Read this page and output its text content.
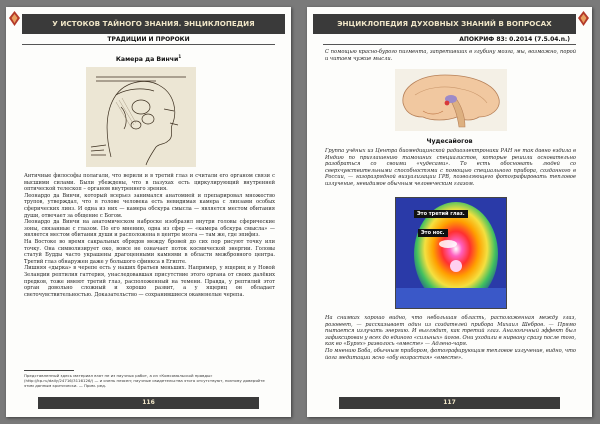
У ИСТОКОВ ТАЙНОГО ЗНАНИЯ. ЭНЦИКЛОПЕДИЯ
ТРАДИЦИИ И ПРОРОКИ
Камера да Винчи$^1$

Античные философы полагали, что верили и в третий глаз и считали его органом связи с высшими силами. Были убеждены, что в пазухах есть циркулирующий внутренней оптической телескоп – органом внутреннего зрения.

Леонардо да Винчи, который всерьез занимался анатомией и препарировал множество трупов, утверждал, что в голове человека есть невидимая камера с линзами особых сферических линз. И одна из них — камера обскура смысла — является местом обитания души, отвечает за общение с Богом.

Леонардо да Винчи на анатомическом наброске изобразил внутри головы сферические зоны, связанные с глазом. По его мнению, одна из сфер — «камера обскура смысла» — является местом обитания души и расположена в центре мозга — там же, где эпифиз.

На Востоке во время сакральных обрядов между бровей до сих пор рисуют точку или точку. Она символизирует око, вовсе не означает поток космической энергии. Головы статуй Будды часто украшены драгоценными камнями в области межбровного центра. Третий глаз обнаружен даже у большого сфинкса в Египте.

Лишняя «дырка» в черепе есть у наших братьев меньших. Например, у ящериц и у Новой Зеландии рептилия гаттерия, унаследовавшая присутствие этого органа от своих далёких предков, тоже имеют третий глаз, расположенный на темени. Правда, у рептилий этот орган довольно сложный и хорошо развит, а у ящериц он обладает светочувствительностью. Доказательство — сохранившиеся окаменелые черепа.

Представленный здесь материал взят не из научных работ, а из «Комсомольской правды» (http://kp.ru/daily/24716/3116126/) — и очень неясен; научные свидетельства этого отсутствуют, поэтому доверяйте этим данным критически. — Прим. ред.
116
ЭНЦИКЛОПЕДИЯ ДУХОВНЫХ ЗНАНИЙ В ВОПРОСАХ
АПОКРИФ 83: 0.2014 (7.5.04.n.)
С помощью красно-бурого пигмента, запретивших в глубину мозга, мы, возможно, порой и читаем чужие мысли.
Чудесайогов
Группа учёных из Центра биомедицинской радиоэлектроники РАН не так давно ездила в Индию по приглашению тамошних специалистов, которые решили основательно разобраться со своими «чудесами». То есть обосновать людей со сверхчувствительными способностями с помощью специального прибора, созданного в России, — газоразрядной визуализации ГРВ, позволяющего фотографировать тепловое излучение, невидимое обычным человеческим глазом.
Это третий глаз.
Это нос.

На снимках хорошо видно, что небольшая область, расположенная между глаз, розовеет, — рассказывает один из создателей прибора Михаил Шебров. — Прямо пытается излучать энергию. И выглядит, как третий глаз. Аналогичный эффект был зафиксирован у всех до единого «сильных» йогов. Они уходили в нирвану сразу после того, как во «Бурях» разволось «вместе» — Адлено-чаря.

По мнению Боба, обычным прибором, фотографирующим тепловое излучение, видно, что йога медитации ясно «обу возрастая» «вместе».

117
